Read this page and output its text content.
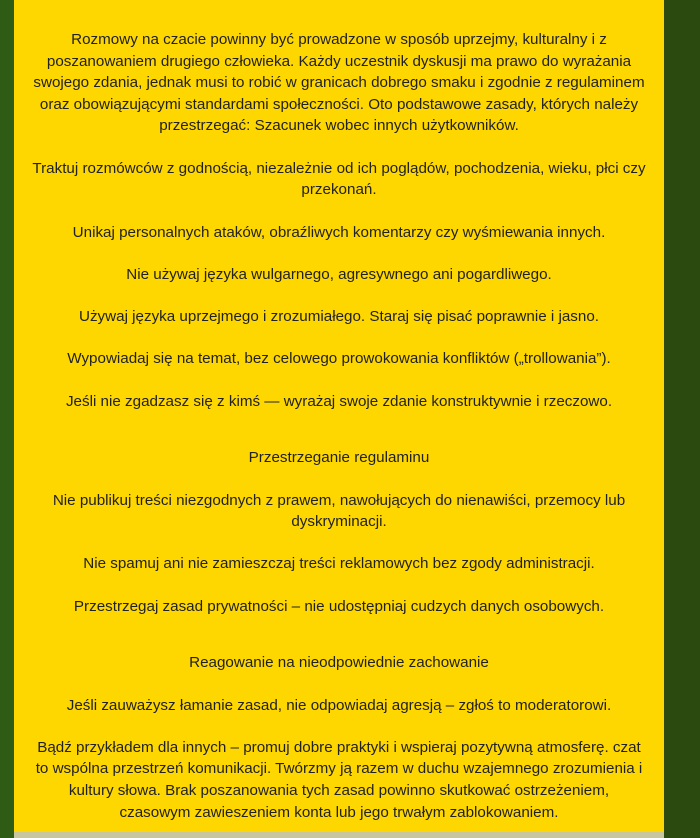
Rozmowy na czacie powinny być prowadzone w sposób uprzejmy, kulturalny i z poszanowaniem drugiego człowieka. Każdy uczestnik dyskusji ma prawo do wyrażania swojego zdania, jednak musi to robić w granicach dobrego smaku i zgodnie z regulaminem oraz obowiązującymi standardami społeczności. Oto podstawowe zasady, których należy przestrzegać: Szacunek wobec innych użytkowników.

Traktuj rozmówców z godnością, niezależnie od ich poglądów, pochodzenia, wieku, płci czy przekonań.

Unikaj personalnych ataków, obraźliwych komentarzy czy wyśmiewania innych.

Nie używaj języka wulgarnego, agresywnego ani pogardliwego.

Używaj języka uprzejmego i zrozumiałego. Staraj się pisać poprawnie i jasno.

Wypowiadaj się na temat, bez celowego prowokowania konfliktów („trollowania”).

Jeśli nie zgadzasz się z kimś — wyrażaj swoje zdanie konstruktywnie i rzeczowo.

Przestrzeganie regulaminu

Nie publikuj treści niezgodnych z prawem, nawołujących do nienawiści, przemocy lub dyskryminacji.

Nie spamuj ani nie zamieszczaj treści reklamowych bez zgody administracji.

Przestrzegaj zasad prywatności – nie udostępniaj cudzych danych osobowych.

Reagowanie na nieodpowiednie zachowanie

Jeśli zauważysz łamanie zasad, nie odpowiadaj agresją – zgłoś to moderatorowi.

Bądź przykładem dla innych – promuj dobre praktyki i wspieraj pozytywną atmosferę. czat to wspólna przestrzeń komunikacji. Twórzmy ją razem w duchu wzajemnego zrozumienia i kultury słowa. Brak poszanowania tych zasad powinno skutkować ostrzeżeniem, czasowym zawieszeniem konta lub jego trwałym zablokowaniem.
